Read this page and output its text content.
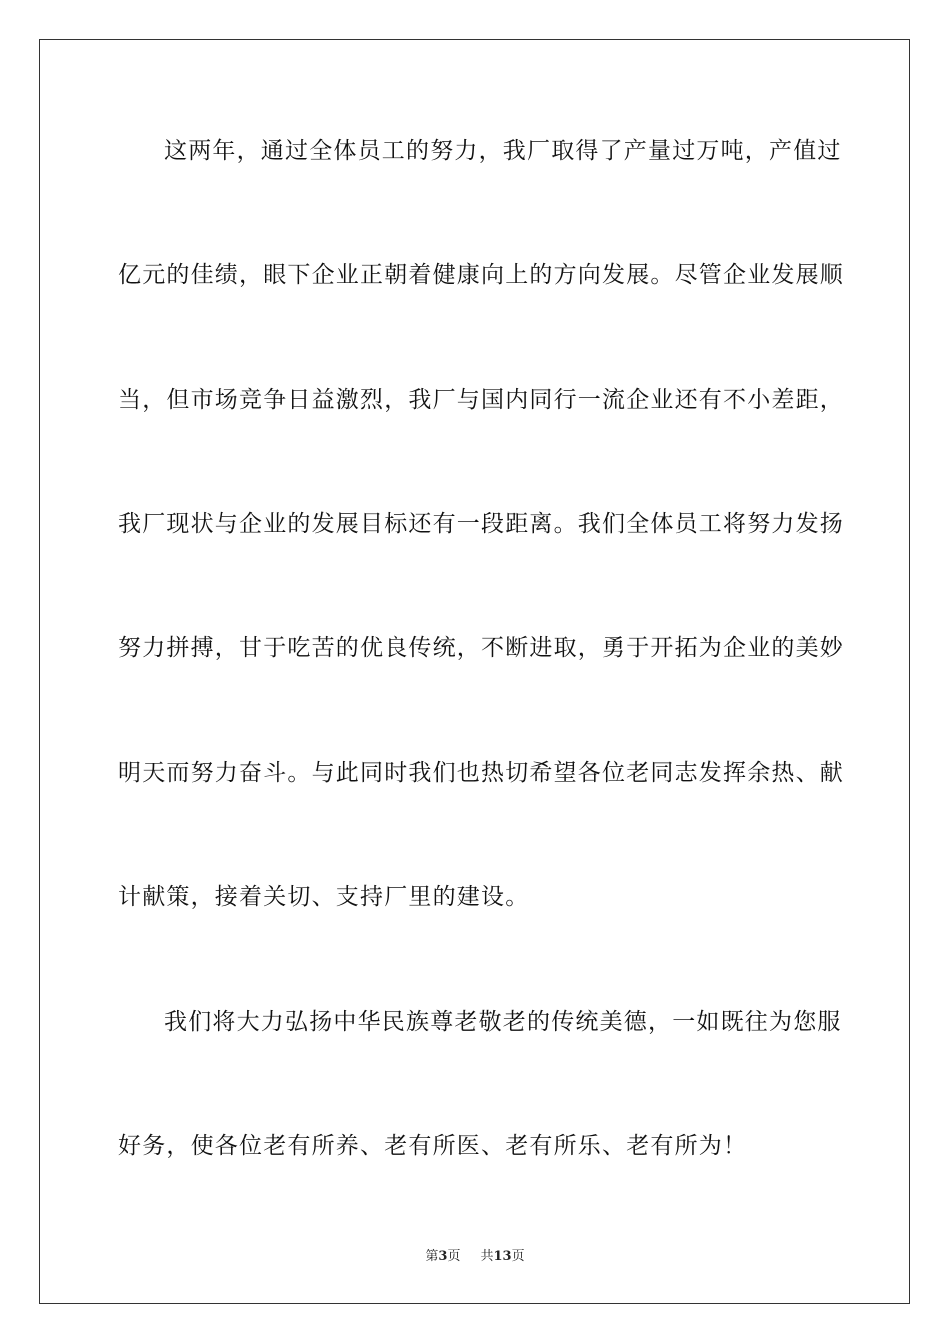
这两年，通过全体员工的努力，我厂取得了产量过万吨，产值过
亿元的佳绩，眼下企业正朝着健康向上的方向发展。尽管企业发展顺
当，但市场竞争日益激烈，我厂与国内同行一流企业还有不小差距，
我厂现状与企业的发展目标还有一段距离。我们全体员工将努力发扬
努力拼搏，甘于吃苦的优良传统，不断进取，勇于开拓为企业的美妙
明天而努力奋斗。与此同时我们也热切希望各位老同志发挥余热、献
计献策，接着关切、支持厂里的建设。
我们将大力弘扬中华民族尊老敬老的传统美德，一如既往为您服
好务，使各位老有所养、老有所医、老有所乐、老有所为！
第3页 共13页
